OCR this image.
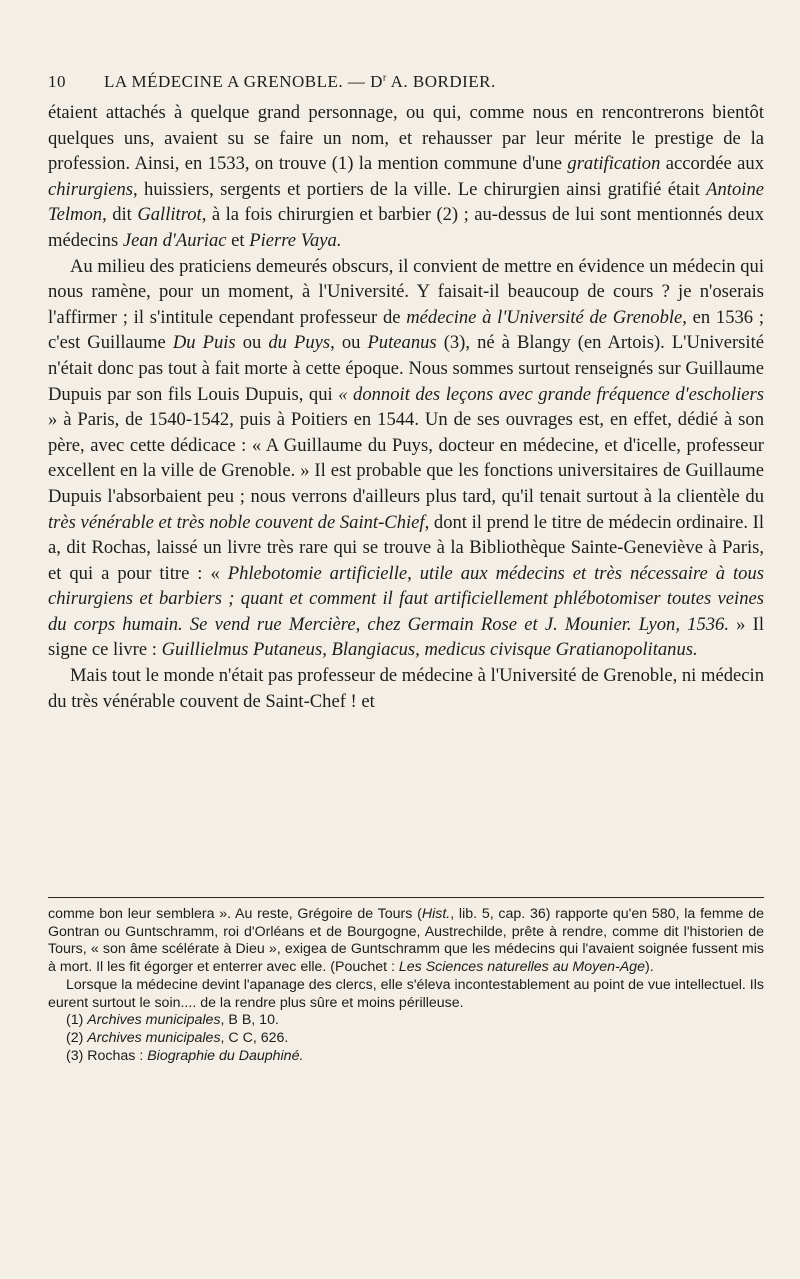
10 LA MÉDECINE A GRENOBLE. — $D^r$ A. BORDIER.

étaient attachés à quelque grand personnage, ou qui, comme nous en rencontrerons bientôt quelques uns, avaient su se faire un nom, et rehausser par leur mérite le prestige de la profession. Ainsi, en 1533, on trouve (1) la mention commune d'une gratification accordée aux chirurgiens, huissiers, sergents et portiers de la ville. Le chirurgien ainsi gratifié était Antoine Telmon, dit Gallitrot, à la fois chirurgien et barbier (2) ; au-dessus de lui sont mentionnés deux médecins Jean d'Auriac et Pierre Vaya.

Au milieu des praticiens demeurés obscurs, il convient de mettre en évidence un médecin qui nous ramène, pour un moment, à l'Université. Y faisait-il beaucoup de cours ? je n'oserais l'affirmer ; il s'intitule cependant professeur de médecine à l'Université de Grenoble, en 1536 ; c'est Guillaume Du Puis ou du Puys, ou Puteanus (3), né à Blangy (en Artois). L'Université n'était donc pas tout à fait morte à cette époque. Nous sommes surtout renseignés sur Guillaume Dupuis par son fils Louis Dupuis, qui « donnoit des leçons avec grande fréquence d'escholiers » à Paris, de 1540-1542, puis à Poitiers en 1544. Un de ses ouvrages est, en effet, dédié à son père, avec cette dédicace : « A Guillaume du Puys, docteur en médecine, et d'icelle, professeur excellent en la ville de Grenoble. » Il est probable que les fonctions universitaires de Guillaume Dupuis l'absorbaient peu ; nous verrons d'ailleurs plus tard, qu'il tenait surtout à la clientèle du très vénérable et très noble couvent de Saint-Chief, dont il prend le titre de médecin ordinaire. Il a, dit Rochas, laissé un livre très rare qui se trouve à la Bibliothèque Sainte-Geneviève à Paris, et qui a pour titre : « Phlebotomie artificielle, utile aux médecins et très nécessaire à tous chirurgiens et barbiers ; quant et comment il faut artificiellement phlébotomiser toutes veines du corps humain. Se vend rue Mercière, chez Germain Rose et J. Mounier. Lyon, 1536. » Il signe ce livre : Guillielmus Putaneus, Blangiacus, medicus civisque Gratianopolitanus.

Mais tout le monde n'était pas professeur de médecine à l'Université de Grenoble, ni médecin du très vénérable couvent de Saint-Chef ! et

comme bon leur semblera ». Au reste, Grégoire de Tours (Hist., lib. 5, cap. 36) rapporte qu'en 580, la femme de Gontran ou Guntschramm, roi d'Orléans et de Bourgogne, Austrechilde, prête à rendre, comme dit l'historien de Tours, « son âme scélérate à Dieu », exigea de Guntschramm que les médecins qui l'avaient soignée fussent mis à mort. Il les fit égorger et enterrer avec elle. (Pouchet : Les Sciences naturelles au Moyen-Age).

Lorsque la médecine devint l'apanage des clercs, elle s'éleva incontestablement au point de vue intellectuel. Ils eurent surtout le soin.... de la rendre plus sûre et moins périlleuse.

(1) Archives municipales, B B, 10.

(2) Archives municipales, C C, 626.

(3) Rochas : Biographie du Dauphiné.
